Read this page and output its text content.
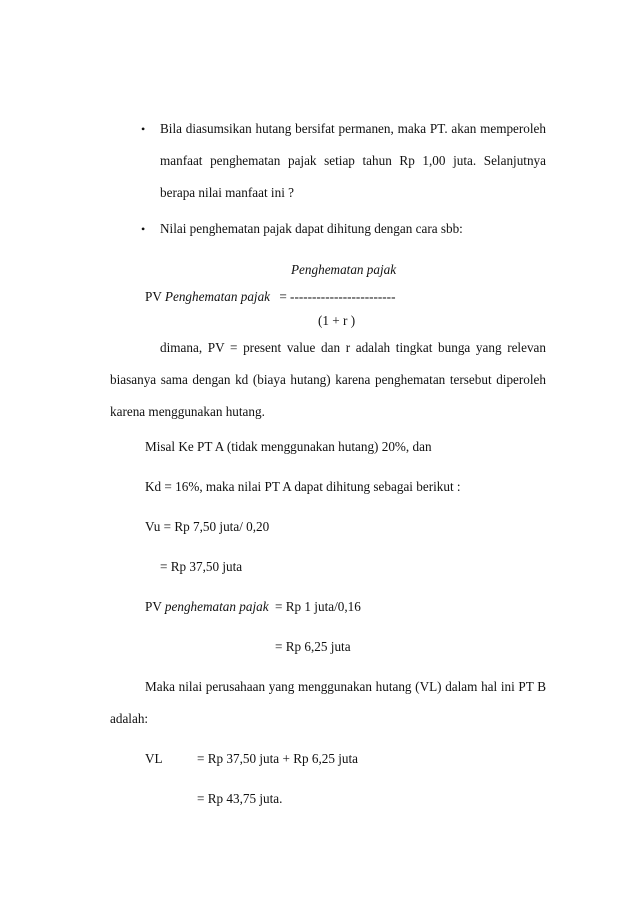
• Bila diasumsikan hutang bersifat permanen, maka PT. akan memperoleh
manfaat penghematan pajak setiap tahun Rp 1,00 juta. Selanjutnya
berapa nilai manfaat ini ?
• Nilai penghematan pajak dapat dihitung dengan cara sbb:
Penghematan pajak
PV Penghematan pajak = ------------------------
(1 + r )
dimana, PV = present value dan r adalah tingkat bunga yang relevan
biasanya sama dengan kd (biaya hutang) karena penghematan tersebut diperoleh
karena menggunakan hutang.
Misal Ke PT A (tidak menggunakan hutang) 20%, dan
Kd = 16%, maka nilai PT A dapat dihitung sebagai berikut :
Vu = Rp 7,50 juta/ 0,20
= Rp 37,50 juta
PV penghematan pajak = Rp 1 juta/0,16
= Rp 6,25 juta
Maka nilai perusahaan yang menggunakan hutang (VL) dalam hal ini PT B
adalah:
VL	= Rp 37,50 juta + Rp 6,25 juta
= Rp 43,75 juta.
